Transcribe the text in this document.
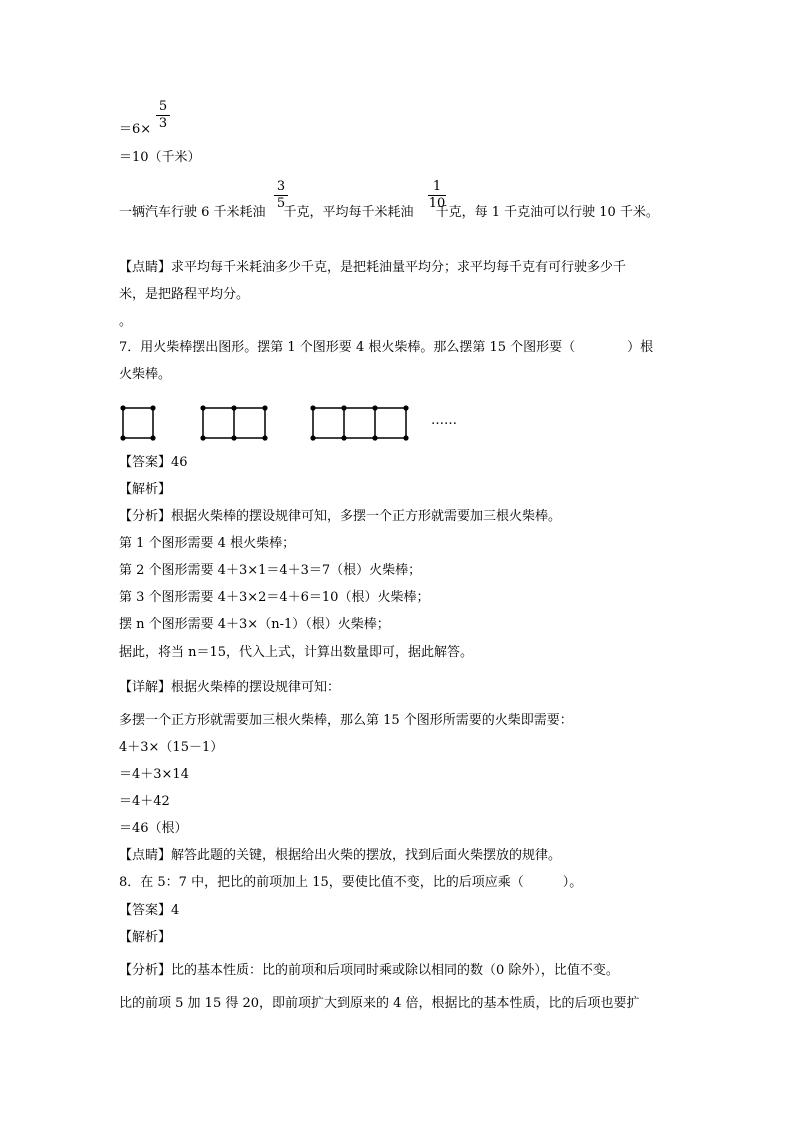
＝6×
5
3
＝10（千米）
一辆汽车行驶 6 千米耗油 千克，平均每千米耗油 千克，每 1 千克油可以行驶 10 千米。
3
5
1
10
【点睛】求平均每千米耗油多少千克，是把耗油量平均分；求平均每千克有可行驶多少千
米，是把路程平均分。
。
7．用火柴棒摆出图形。摆第 1 个图形要 4 根火柴棒。那么摆第 15 个图形要（　　　　）根
火柴棒。
……
【答案】46
【解析】
【分析】根据火柴棒的摆设规律可知，多摆一个正方形就需要加三根火柴棒。
第 1 个图形需要 4 根火柴棒；
第 2 个图形需要 4＋3×1＝4＋3＝7（根）火柴棒；
第 3 个图形需要 4＋3×2＝4＋6＝10（根）火柴棒；
摆 n 个图形需要 4＋3×（n-1）（根）火柴棒；
据此，将当 n＝15，代入上式，计算出数量即可，据此解答。
【详解】根据火柴棒的摆设规律可知：
多摆一个正方形就需要加三根火柴棒，那么第 15 个图形所需要的火柴即需要：
4＋3×（15－1）
＝4＋3×14
＝4＋42
＝46（根）
【点睛】解答此题的关键，根据给出火柴的摆放，找到后面火柴摆放的规律。
8．在 5：7 中，把比的前项加上 15，要使比值不变，比的后项应乘（　　　）。
【答案】4
【解析】
【分析】比的基本性质：比的前项和后项同时乘或除以相同的数（0 除外），比值不变。
比的前项 5 加 15 得 20，即前项扩大到原来的 4 倍，根据比的基本性质，比的后项也要扩
